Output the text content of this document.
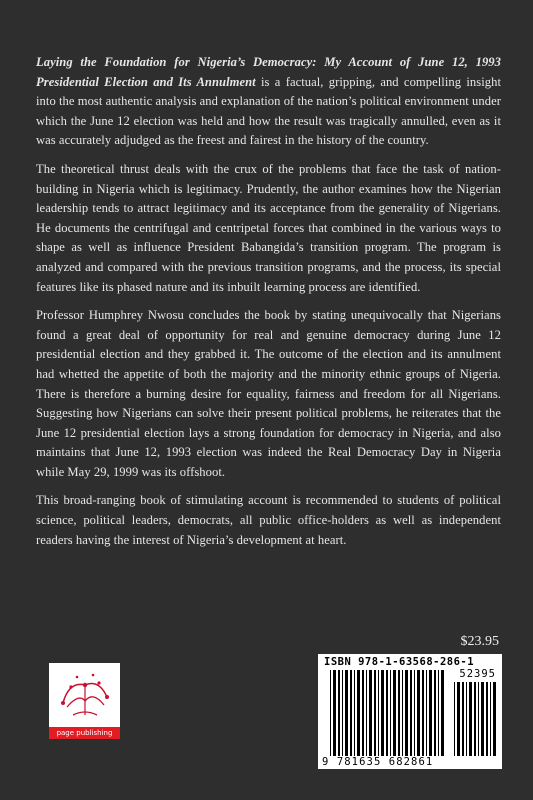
Laying the Foundation for Nigeria’s Democracy: My Account of June 12, 1993 Presidential Election and Its Annulment is a factual, gripping, and compelling insight into the most authentic analysis and explanation of the nation’s political environment under which the June 12 election was held and how the result was tragically annulled, even as it was accurately adjudged as the freest and fairest in the history of the country.

The theoretical thrust deals with the crux of the problems that face the task of nation-building in Nigeria which is legitimacy. Prudently, the author examines how the Nigerian leadership tends to attract legitimacy and its acceptance from the generality of Nigerians. He documents the centrifugal and centripetal forces that combined in the various ways to shape as well as influence President Babangida’s transition program. The program is analyzed and compared with the previous transition programs, and the process, its special features like its phased nature and its inbuilt learning process are identified.

Professor Humphrey Nwosu concludes the book by stating unequivocally that Nigerians found a great deal of opportunity for real and genuine democracy during June 12 presidential election and they grabbed it. The outcome of the election and its annulment had whetted the appetite of both the majority and the minority ethnic groups of Nigeria. There is therefore a burning desire for equality, fairness and freedom for all Nigerians. Suggesting how Nigerians can solve their present political problems, he reiterates that the June 12 presidential election lays a strong foundation for democracy in Nigeria, and also maintains that June 12, 1993 election was indeed the Real Democracy Day in Nigeria while May 29, 1999 was its offshoot.

This broad-ranging book of stimulating account is recommended to students of political science, political leaders, democrats, all public office-holders as well as independent readers having the interest of Nigeria’s development at heart.

$23.95
ISBN 978-1-63568-286-1
52395
9 781635 682861
page publishing
